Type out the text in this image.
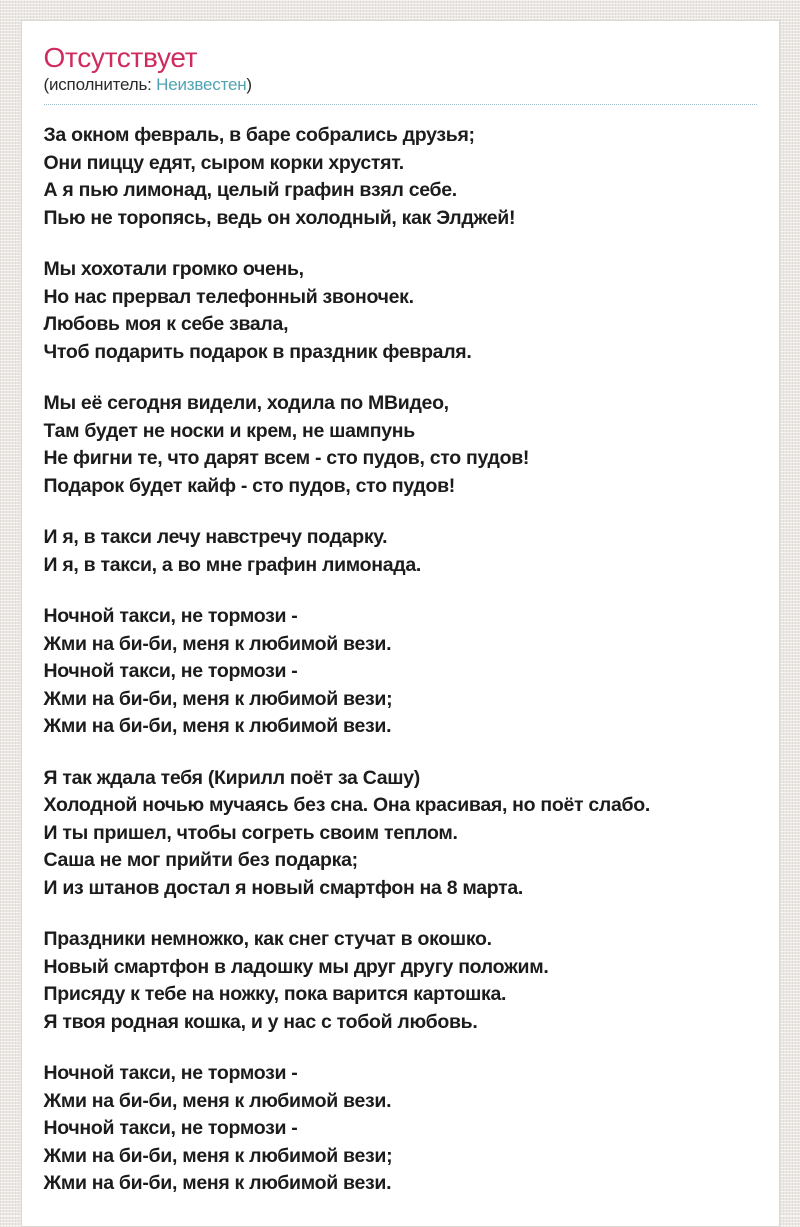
Отсутствует
(исполнитель: Неизвестен)

За окном февраль, в баре собрались друзья;
Они пиццу едят, сыром корки хрустят.
А я пью лимонад, целый графин взял себе.
Пью не торопясь, ведь он холодный, как Элджей!

Мы хохотали громко очень,
Но нас прервал телефонный звоночек.
Любовь моя к себе звала,
Чтоб подарить подарок в праздник февраля.

Мы её сегодня видели, ходила по МВидео,
Там будет не носки и крем, не шампунь
Не фигни те, что дарят всем - сто пудов, сто пудов!
Подарок будет кайф - сто пудов, сто пудов!

И я, в такси лечу навстречу подарку.
И я, в такси, а во мне графин лимонада.

Ночной такси, не тормози -
Жми на би-би, меня к любимой вези.
Ночной такси, не тормози -
Жми на би-би, меня к любимой вези;
Жми на би-би, меня к любимой вези.

Я так ждала тебя (Кирилл поёт за Сашу)
Холодной ночью мучаясь без сна. Она красивая, но поёт слабо.
И ты пришел, чтобы согреть своим теплом.
Саша не мог прийти без подарка;
И из штанов достал я новый смартфон на 8 марта.

Праздники немножко, как снег стучат в окошко.
Новый смартфон в ладошку мы друг другу положим.
Присяду к тебе на ножку, пока варится картошка.
Я твоя родная кошка, и у нас с тобой любовь.

Ночной такси, не тормози -
Жми на би-би, меня к любимой вези.
Ночной такси, не тормози -
Жми на би-би, меня к любимой вези;
Жми на би-би, меня к любимой вези.
